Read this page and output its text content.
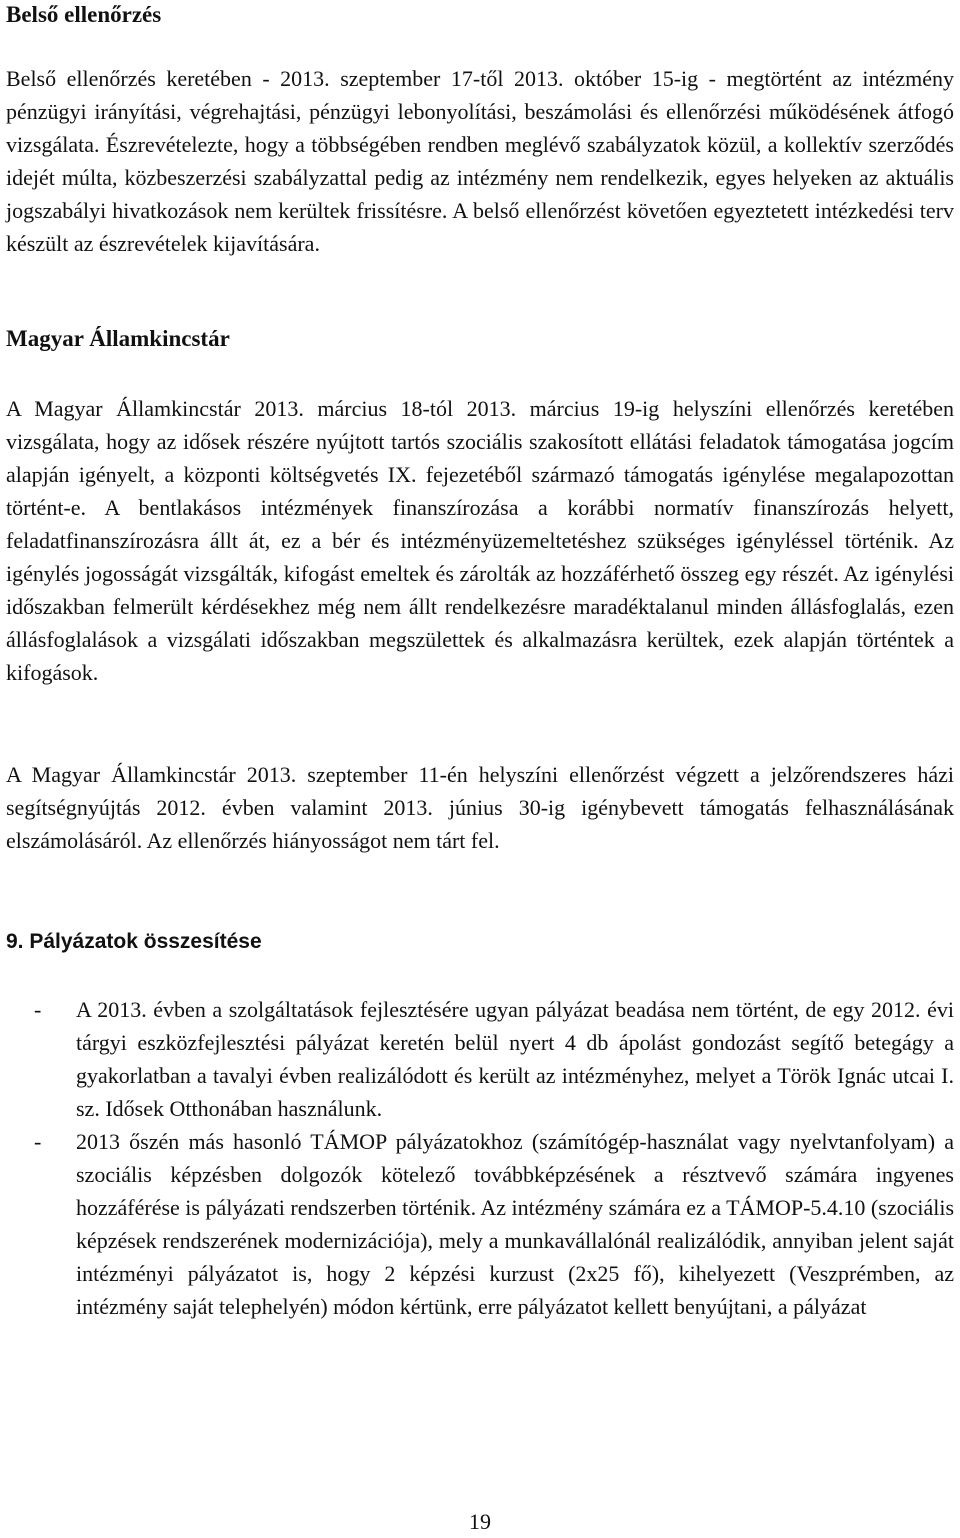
Belső ellenőrzés

Belső ellenőrzés keretében - 2013. szeptember 17-től 2013. október 15-ig - megtörtént az intézmény pénzügyi irányítási, végrehajtási, pénzügyi lebonyolítási, beszámolási és ellenőrzési működésének átfogó vizsgálata. Észrevételezte, hogy a többségében rendben meglévő szabályzatok közül, a kollektív szerződés idejét múlta, közbeszerzési szabályzattal pedig az intézmény nem rendelkezik, egyes helyeken az aktuális jogszabályi hivatkozások nem kerültek frissítésre. A belső ellenőrzést követően egyeztetett intézkedési terv készült az észrevételek kijavítására.

Magyar Államkincstár

A Magyar Államkincstár 2013. március 18-tól 2013. március 19-ig helyszíni ellenőrzés keretében vizsgálata, hogy az idősek részére nyújtott tartós szociális szakosított ellátási feladatok támogatása jogcím alapján igényelt, a központi költségvetés IX. fejezetéből származó támogatás igénylése megalapozottan történt-e. A bentlakásos intézmények finanszírozása a korábbi normatív finanszírozás helyett, feladatfinanszírozásra állt át, ez a bér és intézményüzemeltetéshez szükséges igényléssel történik. Az igénylés jogosságát vizsgálták, kifogást emeltek és zárolták az hozzáférhető összeg egy részét. Az igénylési időszakban felmerült kérdésekhez még nem állt rendelkezésre maradéktalanul minden állásfoglalás, ezen állásfoglalások a vizsgálati időszakban megszülettek és alkalmazásra kerültek, ezek alapján történtek a kifogások.

A Magyar Államkincstár 2013. szeptember 11-én helyszíni ellenőrzést végzett a jelzőrendszeres házi segítségnyújtás 2012. évben valamint 2013. június 30-ig igénybevett támogatás felhasználásának elszámolásáról. Az ellenőrzés hiányosságot nem tárt fel.

9. Pályázatok összesítése
- A 2013. évben a szolgáltatások fejlesztésére ugyan pályázat beadása nem történt, de egy 2012. évi tárgyi eszközfejlesztési pályázat keretén belül nyert 4 db ápolást gondozást segítő betegágy a gyakorlatban a tavalyi évben realizálódott és került az intézményhez, melyet a Török Ignác utcai I. sz. Idősek Otthonában használunk.
- 2013 őszén más hasonló TÁMOP pályázatokhoz (számítógép-használat vagy nyelvtanfolyam) a szociális képzésben dolgozók kötelező továbbképzésének a résztvevő számára ingyenes hozzáférése is pályázati rendszerben történik. Az intézmény számára ez a TÁMOP-5.4.10 (szociális képzések rendszerének modernizációja), mely a munkavállalónál realizálódik, annyiban jelent saját intézményi pályázatot is, hogy 2 képzési kurzust (2x25 fő), kihelyezett (Veszprémben, az intézmény saját telephelyén) módon kértünk, erre pályázatot kellett benyújtani, a pályázat
19
